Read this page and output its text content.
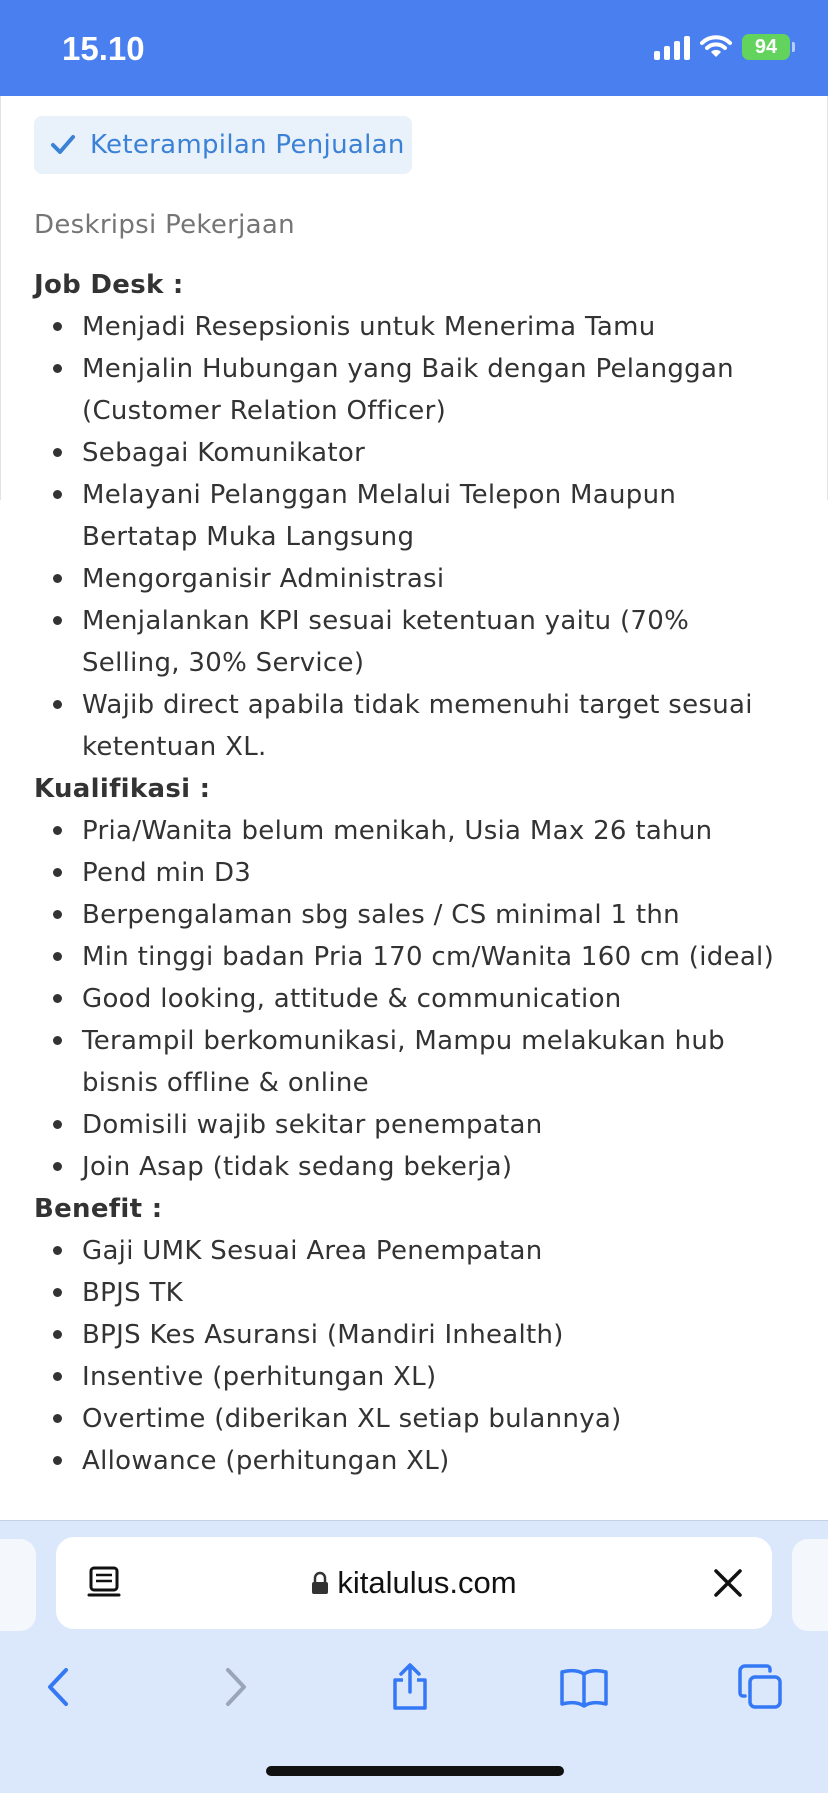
15.10	94
Keterampilan Penjualan
Deskripsi Pekerjaan
Job Desk :
Menjadi Resepsionis untuk Menerima Tamu
Menjalin Hubungan yang Baik dengan Pelanggan (Customer Relation Officer)
Sebagai Komunikator
Melayani Pelanggan Melalui Telepon Maupun Bertatap Muka Langsung
Mengorganisir Administrasi
Menjalankan KPI sesuai ketentuan yaitu (70% Selling, 30% Service)
Wajib direct apabila tidak memenuhi target sesuai ketentuan XL.
Kualifikasi :
Pria/Wanita belum menikah, Usia Max 26 tahun
Pend min D3
Berpengalaman sbg sales / CS minimal 1 thn
Min tinggi badan Pria 170 cm/Wanita 160 cm (ideal)
Good looking, attitude & communication
Terampil berkomunikasi, Mampu melakukan hub bisnis offline & online
Domisili wajib sekitar penempatan
Join Asap (tidak sedang bekerja)
Benefit :
Gaji UMK Sesuai Area Penempatan
BPJS TK
BPJS Kes Asuransi (Mandiri Inhealth)
Insentive (perhitungan XL)
Overtime (diberikan XL setiap bulannya)
Allowance (perhitungan XL)
kitalulus.com
